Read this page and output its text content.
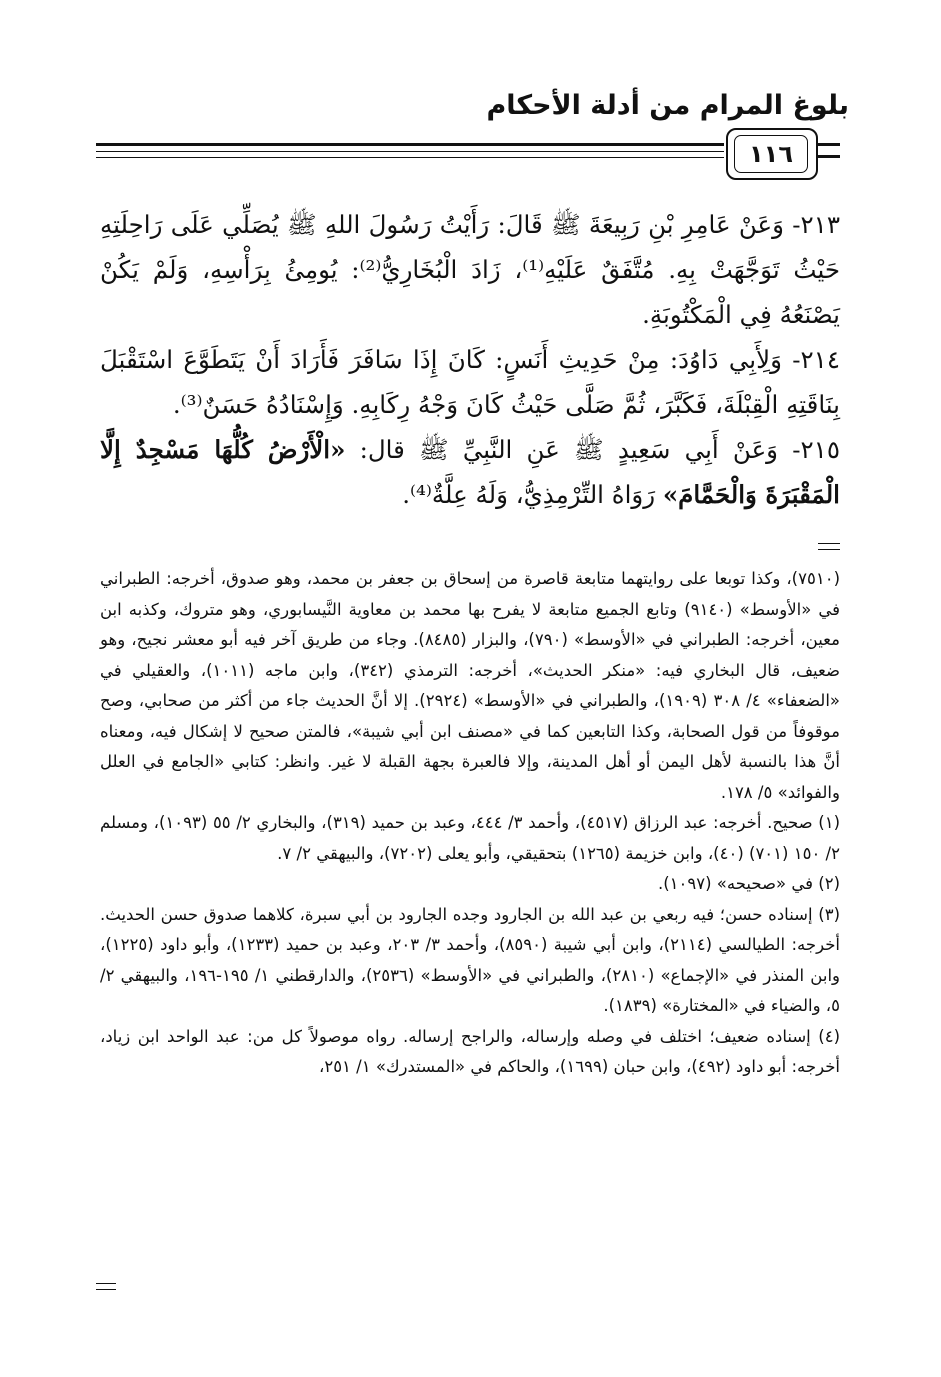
بلوغ المرام من أدلة الأحكام
١١٦

٢١٣- وَعَنْ عَامِرِ بْنِ رَبِيعَةَ ﷺ قَالَ: رَأَيْتُ رَسُولَ اللهِ ﷺ يُصَلِّي عَلَى رَاحِلَتِهِ حَيْثُ تَوَجَّهَتْ بِهِ. مُتَّفَقٌ عَلَيْهِ⁽¹⁾، زَادَ الْبُخَارِيُّ⁽²⁾: يُومِئُ بِرَأْسِهِ، وَلَمْ يَكُنْ يَصْنَعُهُ فِي الْمَكْتُوبَةِ.

٢١٤- وَلِأَبِي دَاوُدَ: مِنْ حَدِيثِ أَنَسٍ: كَانَ إِذَا سَافَرَ فَأَرَادَ أَنْ يَتَطَوَّعَ اسْتَقْبَلَ بِنَاقَتِهِ الْقِبْلَةَ، فَكَبَّرَ، ثُمَّ صَلَّى حَيْثُ كَانَ وَجْهُ رِكَابِهِ. وَإِسْنَادُهُ حَسَنٌ⁽³⁾.

٢١٥- وَعَنْ أَبِي سَعِيدٍ ﷺ عَنِ النَّبِيِّ ﷺ قال: «الْأَرْضُ كُلُّهَا مَسْجِدٌ إِلَّا الْمَقْبَرَةَ وَالْحَمَّامَ» رَوَاهُ التِّرْمِذِيُّ، وَلَهُ عِلَّةٌ⁽⁴⁾.

(٧٥١٠)، وكذا توبعا على روايتهما متابعة قاصرة من إسحاق بن جعفر بن محمد، وهو صدوق، أخرجه: الطبراني في «الأوسط» (٩١٤٠) وتابع الجميع متابعة لا يفرح بها محمد بن معاوية النَّيسابوري، وهو متروك، وكذبه ابن معين، أخرجه: الطبراني في «الأوسط» (٧٩٠)، والبزار (٨٤٨٥). وجاء من طريق آخر فيه أبو معشر نجيح، وهو ضعيف، قال البخاري فيه: «منكر الحديث»، أخرجه: الترمذي (٣٤٢)، وابن ماجه (١٠١١)، والعقيلي في «الضعفاء» ٤/ ٣٠٨ (١٩٠٩)، والطبراني في «الأوسط» (٢٩٢٤). إلا أنَّ الحديث جاء من أكثر من صحابي، وصح موقوفاً من قول الصحابة، وكذا التابعين كما في «مصنف ابن أبي شيبة»، فالمتن صحيح لا إشكال فيه، ومعناه أنَّ هذا بالنسبة لأهل اليمن أو أهل المدينة، وإلا فالعبرة بجهة القبلة لا غير. وانظر: كتابي «الجامع في العلل والفوائد» ٥/ ١٧٨.

(١) صحيح. أخرجه: عبد الرزاق (٤٥١٧)، وأحمد ٣/ ٤٤٤، وعبد بن حميد (٣١٩)، والبخاري ٢/ ٥٥ (١٠٩٣)، ومسلم ٢/ ١٥٠ (٧٠١) (٤٠)، وابن خزيمة (١٢٦٥) بتحقيقي، وأبو يعلى (٧٢٠٢)، والبيهقي ٢/ ٧.

(٢) في «صحيحه» (١٠٩٧).

(٣) إسناده حسن؛ فيه ربعي بن عبد الله بن الجارود وجده الجارود بن أبي سبرة، كلاهما صدوق حسن الحديث. أخرجه: الطيالسي (٢١١٤)، وابن أبي شيبة (٨٥٩٠)، وأحمد ٣/ ٢٠٣، وعبد بن حميد (١٢٣٣)، وأبو داود (١٢٢٥)، وابن المنذر في «الإجماع» (٢٨١٠)، والطبراني في «الأوسط» (٢٥٣٦)، والدارقطني ١/ ١٩٥-١٩٦، والبيهقي ٢/ ٥، والضياء في «المختارة» (١٨٣٩).

(٤) إسناده ضعيف؛ اختلف في وصله وإرساله، والراجح إرساله. رواه موصولاً كل من: عبد الواحد ابن زياد، أخرجه: أبو داود (٤٩٢)، وابن حبان (١٦٩٩)، والحاكم في «المستدرك» ١/ ٢٥١،
